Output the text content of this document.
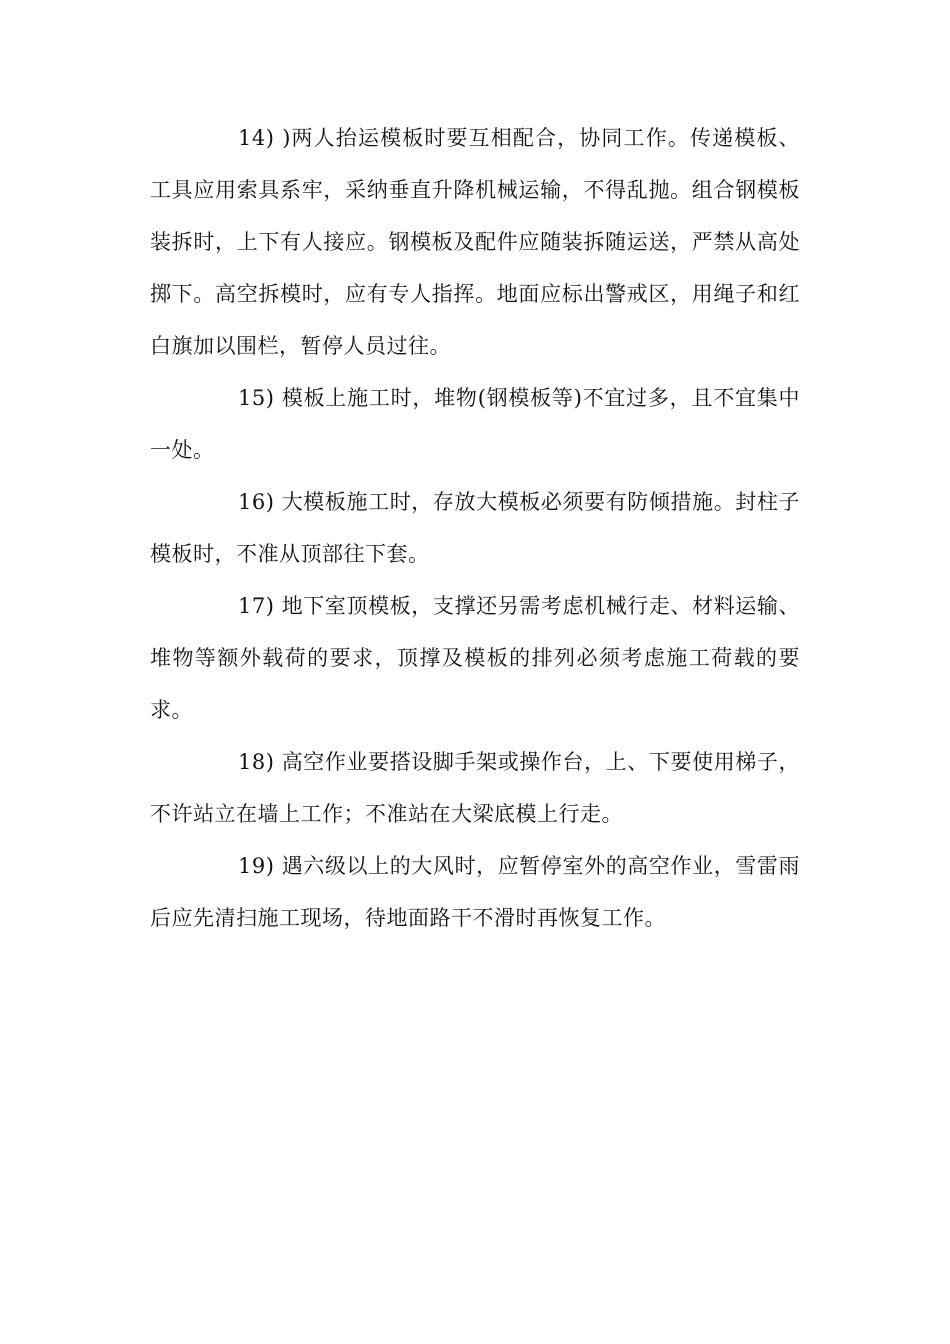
14) )两人抬运模板时要互相配合，协同工作。传递模板、工具应用索具系牢，采纳垂直升降机械运输，不得乱抛。组合钢模板装拆时，上下有人接应。钢模板及配件应随装拆随运送，严禁从高处掷下。高空拆模时，应有专人指挥。地面应标出警戒区，用绳子和红白旗加以围栏，暂停人员过往。

15) 模板上施工时，堆物(钢模板等)不宜过多，且不宜集中一处。

16) 大模板施工时，存放大模板必须要有防倾措施。封柱子模板时，不准从顶部往下套。

17) 地下室顶模板，支撑还另需考虑机械行走、材料运输、堆物等额外载荷的要求，顶撑及模板的排列必须考虑施工荷载的要求。

18) 高空作业要搭设脚手架或操作台，上、下要使用梯子，不许站立在墙上工作；不准站在大梁底模上行走。

19) 遇六级以上的大风时，应暂停室外的高空作业，雪雷雨后应先清扫施工现场，待地面路干不滑时再恢复工作。
